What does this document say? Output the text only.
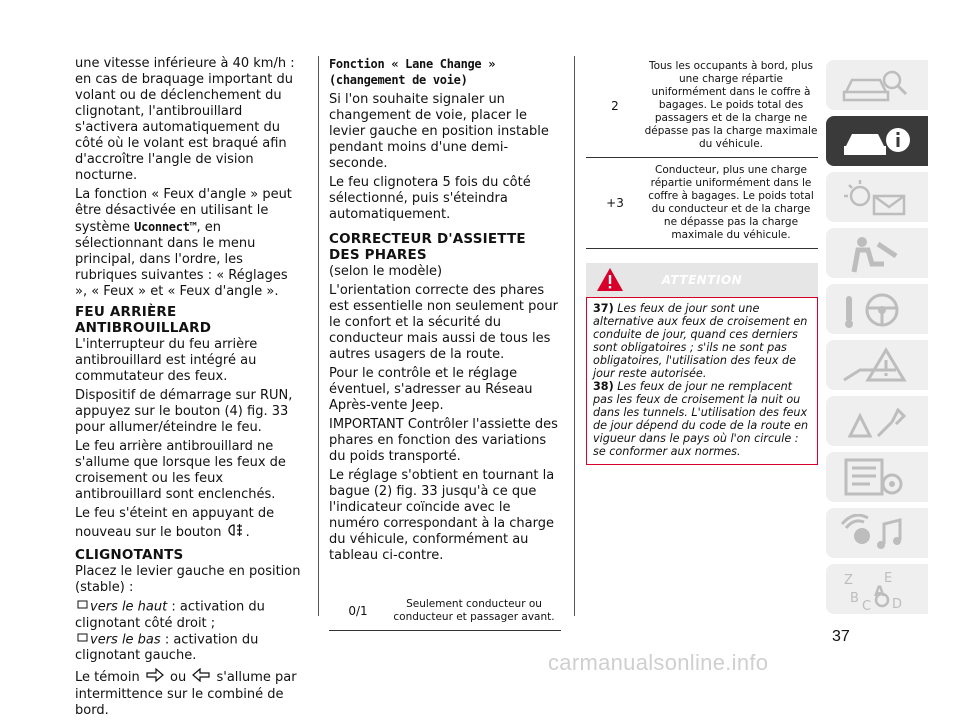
une vitesse inférieure à 40 km/h : en cas de braquage important du volant ou de déclenchement du clignotant, l'antibrouillard s'activera automatiquement du côté où le volant est braqué afin d'accroître l'angle de vision nocturne.

La fonction « Feux d'angle » peut être désactivée en utilisant le système Uconnect™, en sélectionnant dans le menu principal, dans l'ordre, les rubriques suivantes : « Réglages », « Feux » et « Feux d'angle ».

FEU ARRIÈRE ANTIBROUILLARD

L'interrupteur du feu arrière antibrouillard est intégré au commutateur des feux.

Dispositif de démarrage sur RUN, appuyez sur le bouton (4) fig. 33 pour allumer/éteindre le feu.

Le feu arrière antibrouillard ne s'allume que lorsque les feux de croisement ou les feux antibrouillard sont enclenchés.

Le feu s'éteint en appuyant de nouveau sur le bouton .

CLIGNOTANTS

Placez le levier gauche en position (stable) :

vers le haut : activation du clignotant côté droit ;

vers le bas : activation du clignotant gauche.

Le témoin ou s'allume par intermittence sur le combiné de bord.

Fonction « Lane Change » (changement de voie)

Si l'on souhaite signaler un changement de voie, placer le levier gauche en position instable pendant moins d'une demi-seconde.

Le feu clignotera 5 fois du côté sélectionné, puis s'éteindra automatiquement.

CORRECTEUR D'ASSIETTE DES PHARES

(selon le modèle)

L'orientation correcte des phares est essentielle non seulement pour le confort et la sécurité du conducteur mais aussi de tous les autres usagers de la route.

Pour le contrôle et le réglage éventuel, s'adresser au Réseau Après-vente Jeep.

IMPORTANT Contrôler l'assiette des phares en fonction des variations du poids transporté.

Le réglage s'obtient en tournant la bague (2) fig. 33 jusqu'à ce que l'indicateur coïncide avec le numéro correspondant à la charge du véhicule, conformément au tableau ci-contre.

0/1	Seulement conducteur ou conducteur et passager avant.
2
Tous les occupants à bord, plus une charge répartie uniformément dans le coffre à bagages. Le poids total des passagers et de la charge ne dépasse pas la charge maximale du véhicule.
+3
Conducteur, plus une charge répartie uniformément dans le coffre à bagages. Le poids total du conducteur et de la charge ne dépasse pas la charge maximale du véhicule.
ATTENTION
37) Les feux de jour sont une alternative aux feux de croisement en conduite de jour, quand ces derniers sont obligatoires ; s'ils ne sont pas obligatoires, l'utilisation des feux de jour reste autorisée.
38) Les feux de jour ne remplacent pas les feux de croisement la nuit ou dans les tunnels. L'utilisation des feux de jour dépend du code de la route en vigueur dans le pays où l'on circule : se conformer aux normes.
Z E
B A
C D
37
carmanualsonline.info
